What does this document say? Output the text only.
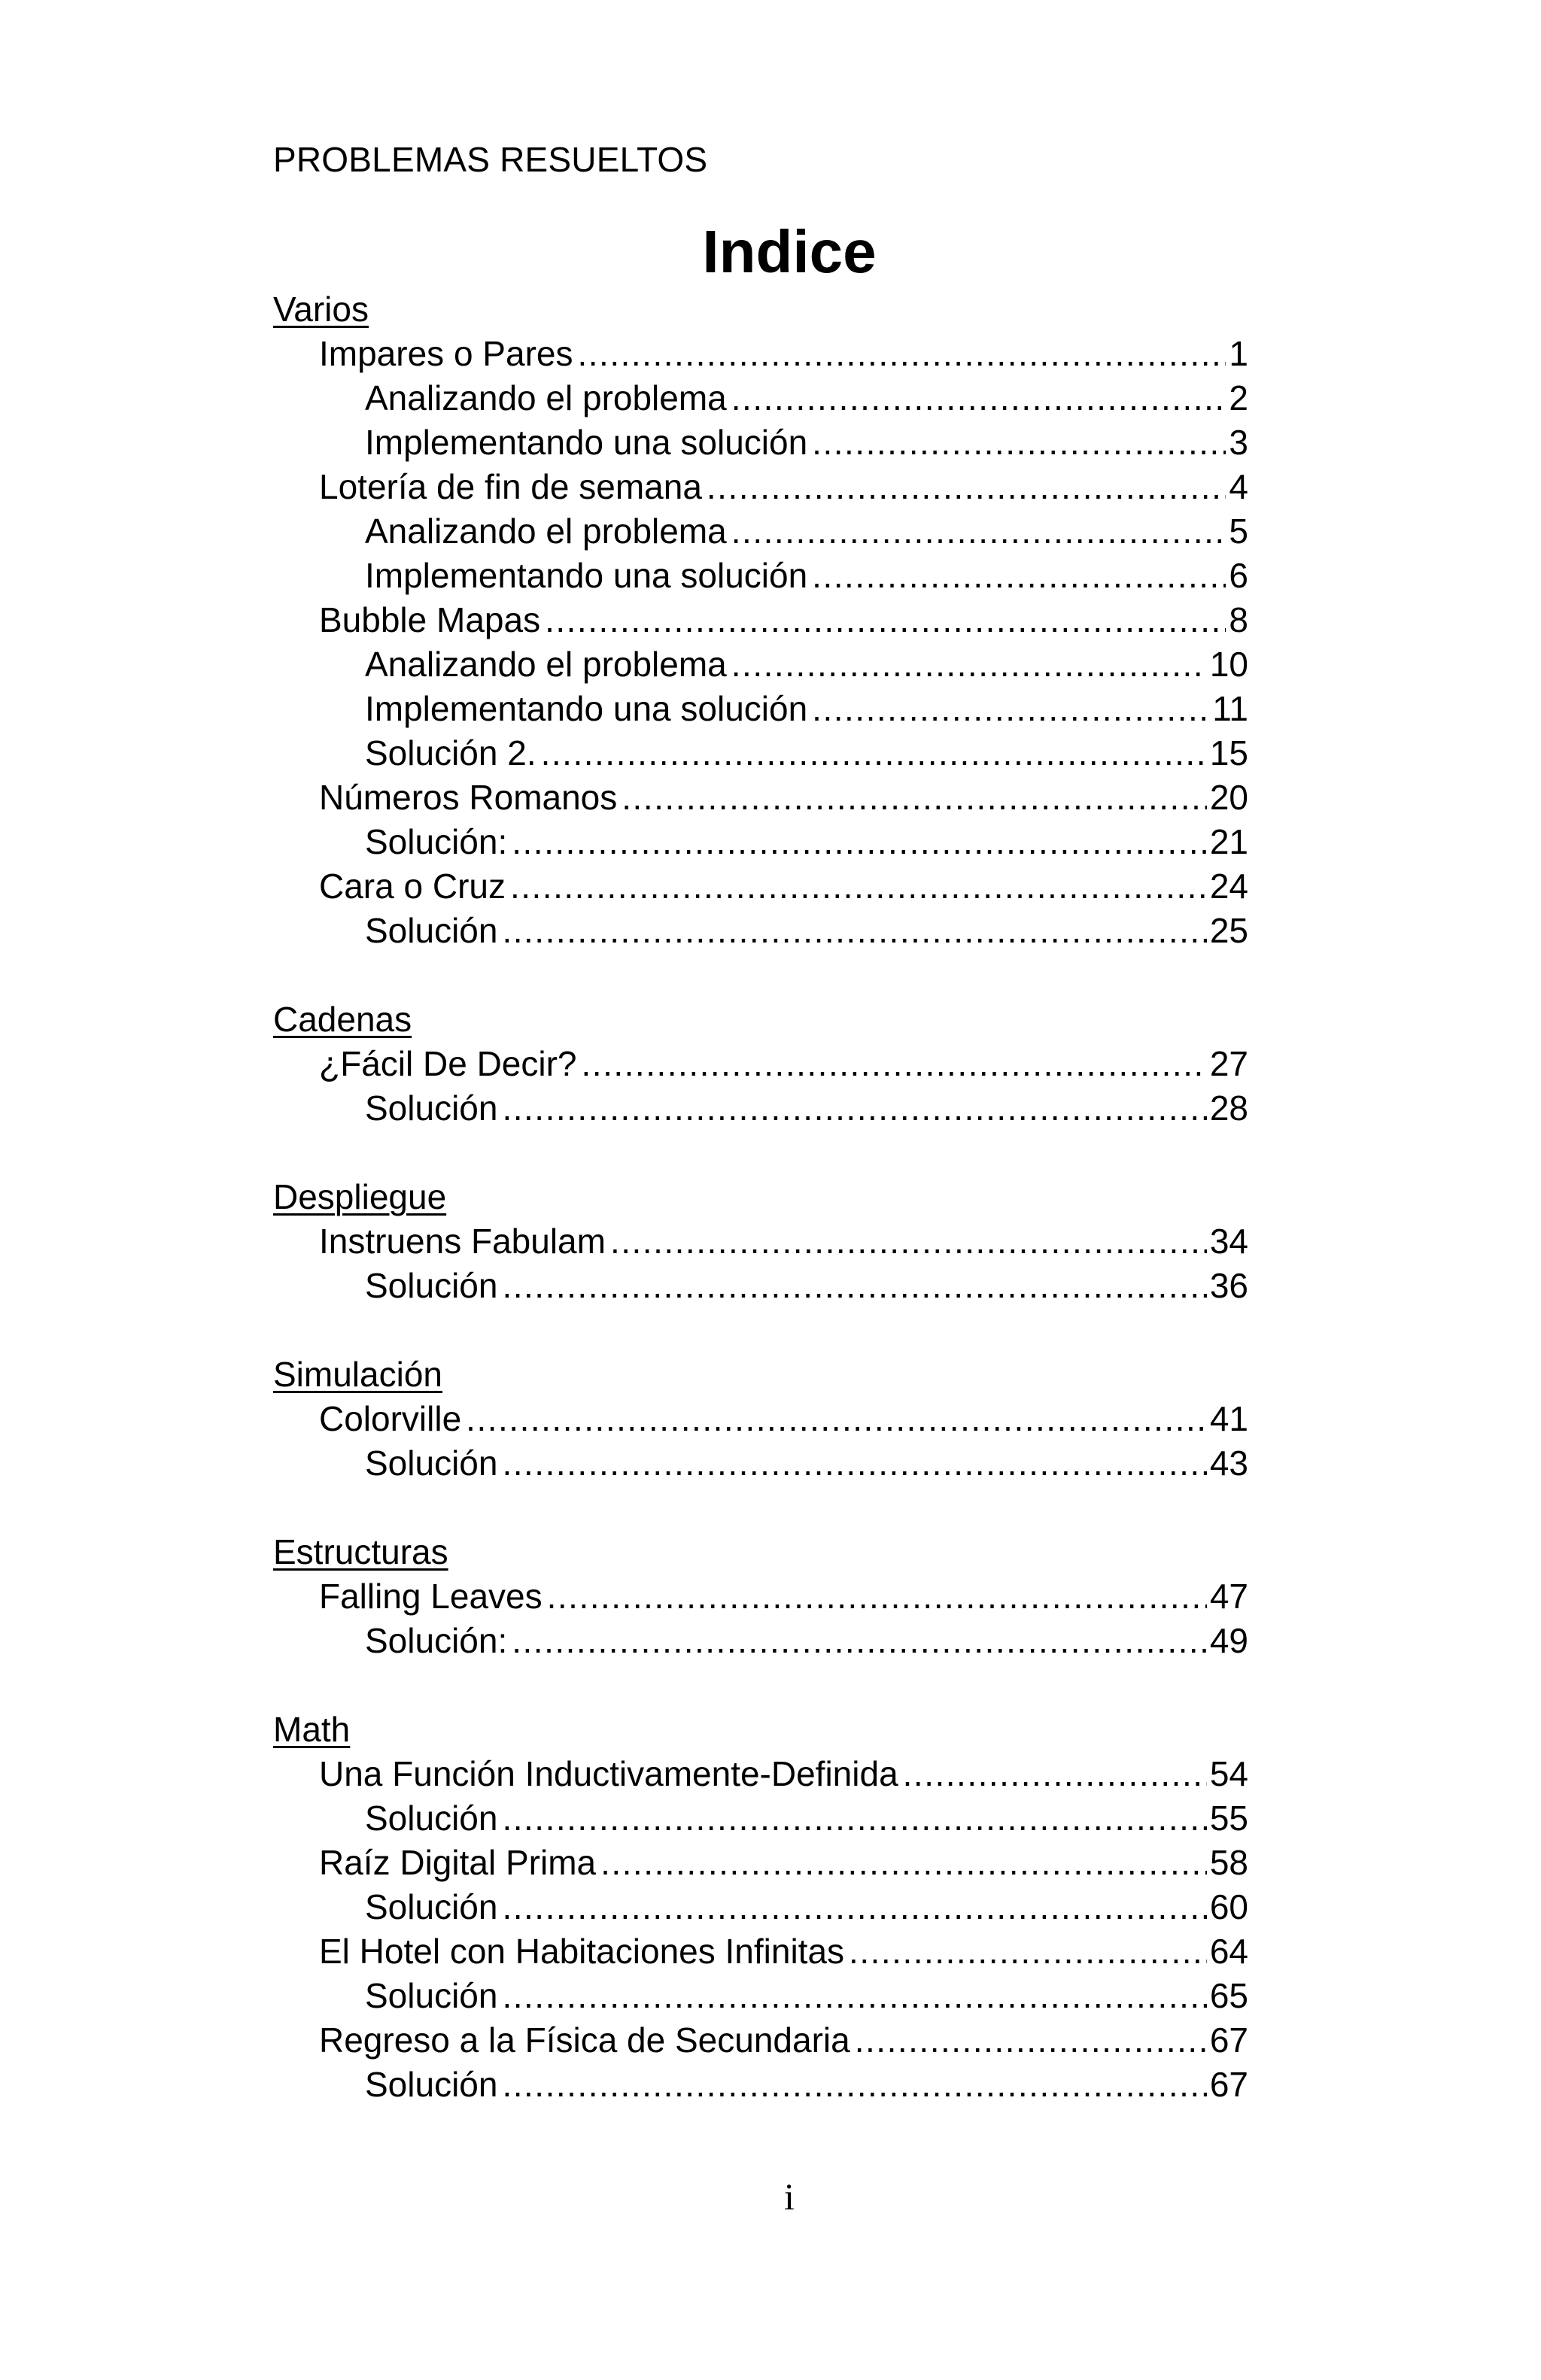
PROBLEMAS RESUELTOS
Indice
Varios
Impares o Pares .....	1
Analizando el problema .....	2
Implementando una solución .....	3
Lotería de fin de semana .....	4
Analizando el problema .....	5
Implementando una solución .....	6
Bubble Mapas .....	8
Analizando el problema .....	10
Implementando una solución .....	11
Solución 2. .....	15
Números Romanos .....	20
Solución: .....	21
Cara o Cruz .....	24
Solución .....	25
Cadenas
¿Fácil De Decir? .....	27
Solución .....	28
Despliegue
Instruens Fabulam .....	34
Solución .....	36
Simulación
Colorville .....	41
Solución .....	43
Estructuras
Falling Leaves .....	47
Solución: .....	49
Math
Una Función Inductivamente-Definida .....	54
Solución .....	55
Raíz Digital Prima .....	58
Solución .....	60
El Hotel con Habitaciones Infinitas .....	64
Solución .....	65
Regreso a la Física de Secundaria .....	67
Solución .....	67
i
